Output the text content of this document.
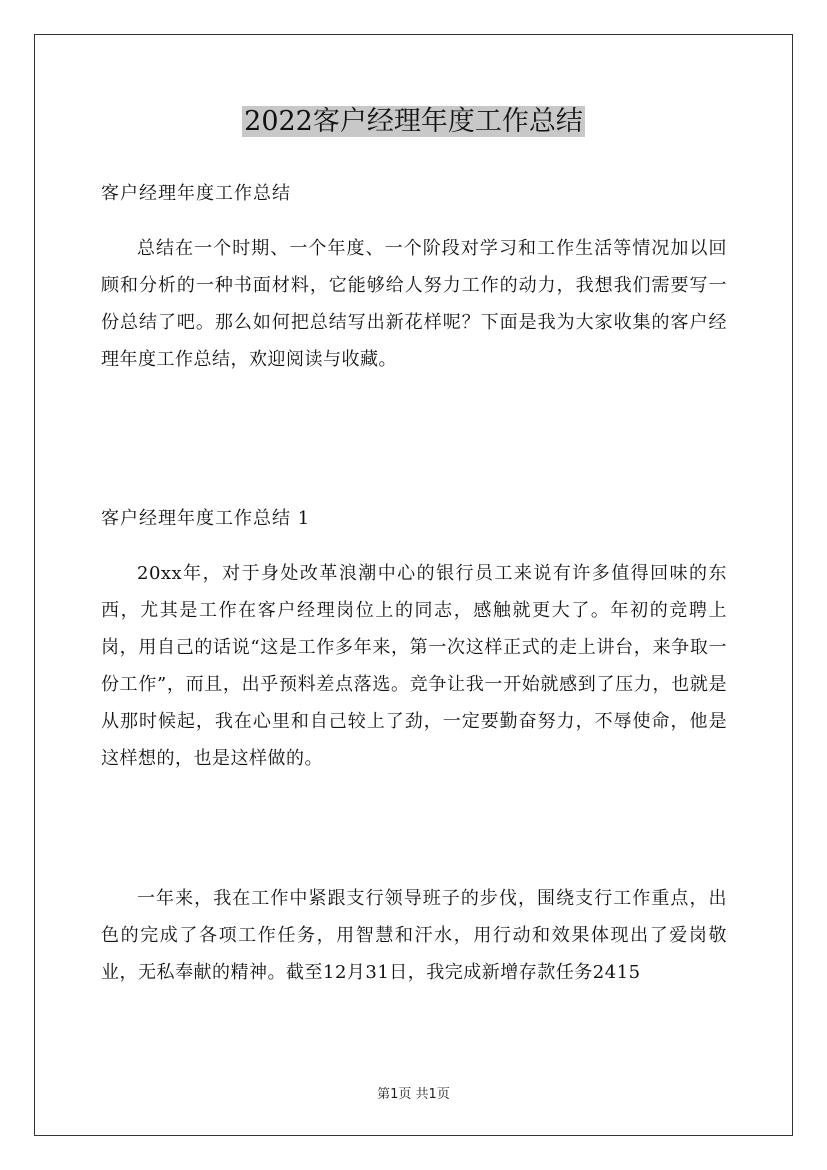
2022客户经理年度工作总结

客户经理年度工作总结

总结在一个时期、一个年度、一个阶段对学习和工作生活等情况加以回顾和分析的一种书面材料，它能够给人努力工作的动力，我想我们需要写一份总结了吧。那么如何把总结写出新花样呢？下面是我为大家收集的客户经理年度工作总结，欢迎阅读与收藏。

客户经理年度工作总结 1

20xx年，对于身处改革浪潮中心的银行员工来说有许多值得回味的东西，尤其是工作在客户经理岗位上的同志，感触就更大了。年初的竞聘上岗，用自己的话说“这是工作多年来，第一次这样正式的走上讲台，来争取一份工作”，而且，出乎预料差点落选。竞争让我一开始就感到了压力，也就是从那时候起，我在心里和自己较上了劲，一定要勤奋努力，不辱使命，他是这样想的，也是这样做的。

一年来，我在工作中紧跟支行领导班子的步伐，围绕支行工作重点，出色的完成了各项工作任务，用智慧和汗水，用行动和效果体现出了爱岗敬业，无私奉献的精神。截至12月31日，我完成新增存款任务2415

第1页 共1页
